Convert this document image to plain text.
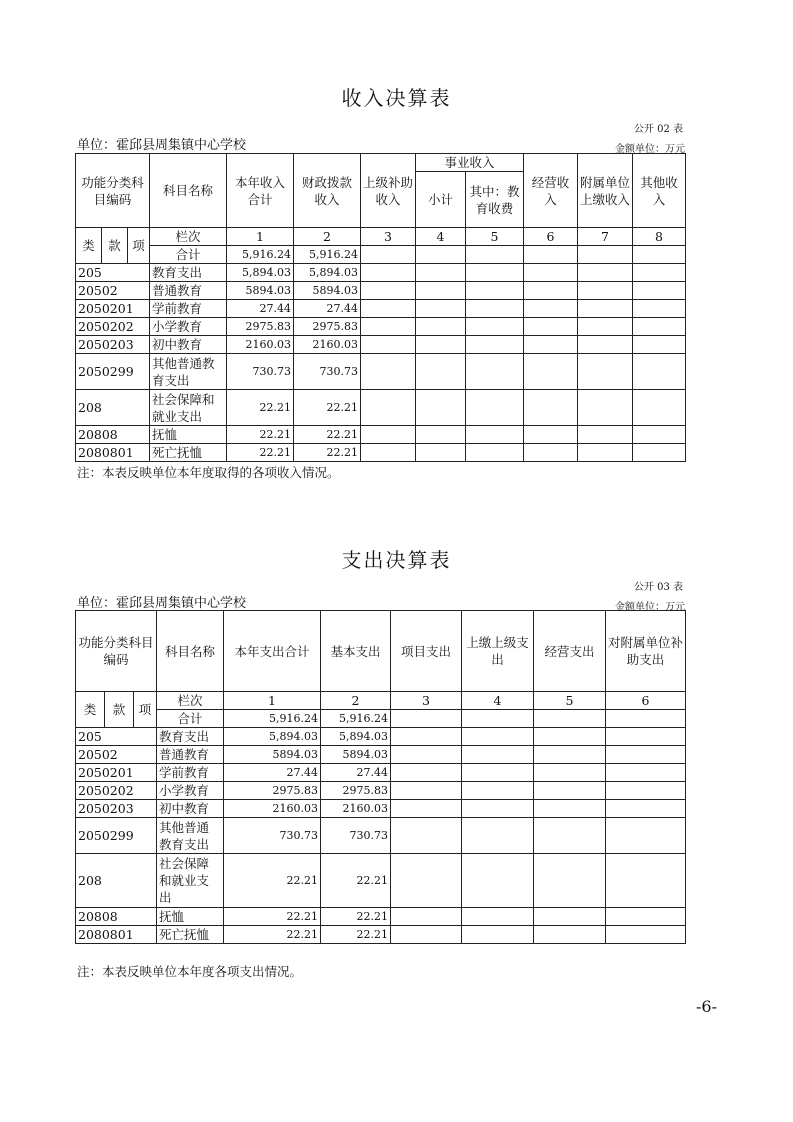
收入决算表
公开 02 表
单位：霍邱县周集镇中心学校	金额单位：万元
功能分类科目编码			科目名称	本年收入合计	财政拨款收入	上级补助收入	事业收入		经营收入	附属单位上缴收入	其他收入
							小计	其中：教育收费			
类	款	项	栏次	1	2	3	4	5	6	7	8
			合计	5,916.24	5,916.24						
205			教育支出	5,894.03	5,894.03						
20502			普通教育	5894.03	5894.03						
2050201			学前教育	27.44	27.44						
2050202			小学教育	2975.83	2975.83						
2050203			初中教育	2160.03	2160.03						
2050299			其他普通教育支出	730.73	730.73						
208			社会保障和就业支出	22.21	22.21						
20808			抚恤	22.21	22.21						
2080801			死亡抚恤	22.21	22.21						
注：本表反映单位本年度取得的各项收入情况。
支出决算表
公开 03 表
单位：霍邱县周集镇中心学校	金额单位：万元
功能分类科目编码			科目名称	本年支出合计	基本支出	项目支出	上缴上级支出	经营支出	对附属单位补助支出
类	款	项	栏次	1	2	3	4	5	6
			合计	5,916.24	5,916.24				
205			教育支出	5,894.03	5,894.03				
20502			普通教育	5894.03	5894.03				
2050201			学前教育	27.44	27.44				
2050202			小学教育	2975.83	2975.83				
2050203			初中教育	2160.03	2160.03				
2050299			其他普通教育支出	730.73	730.73				
208			社会保障和就业支出	22.21	22.21				
20808			抚恤	22.21	22.21				
2080801			死亡抚恤	22.21	22.21				
注：本表反映单位本年度各项支出情况。
-6-
